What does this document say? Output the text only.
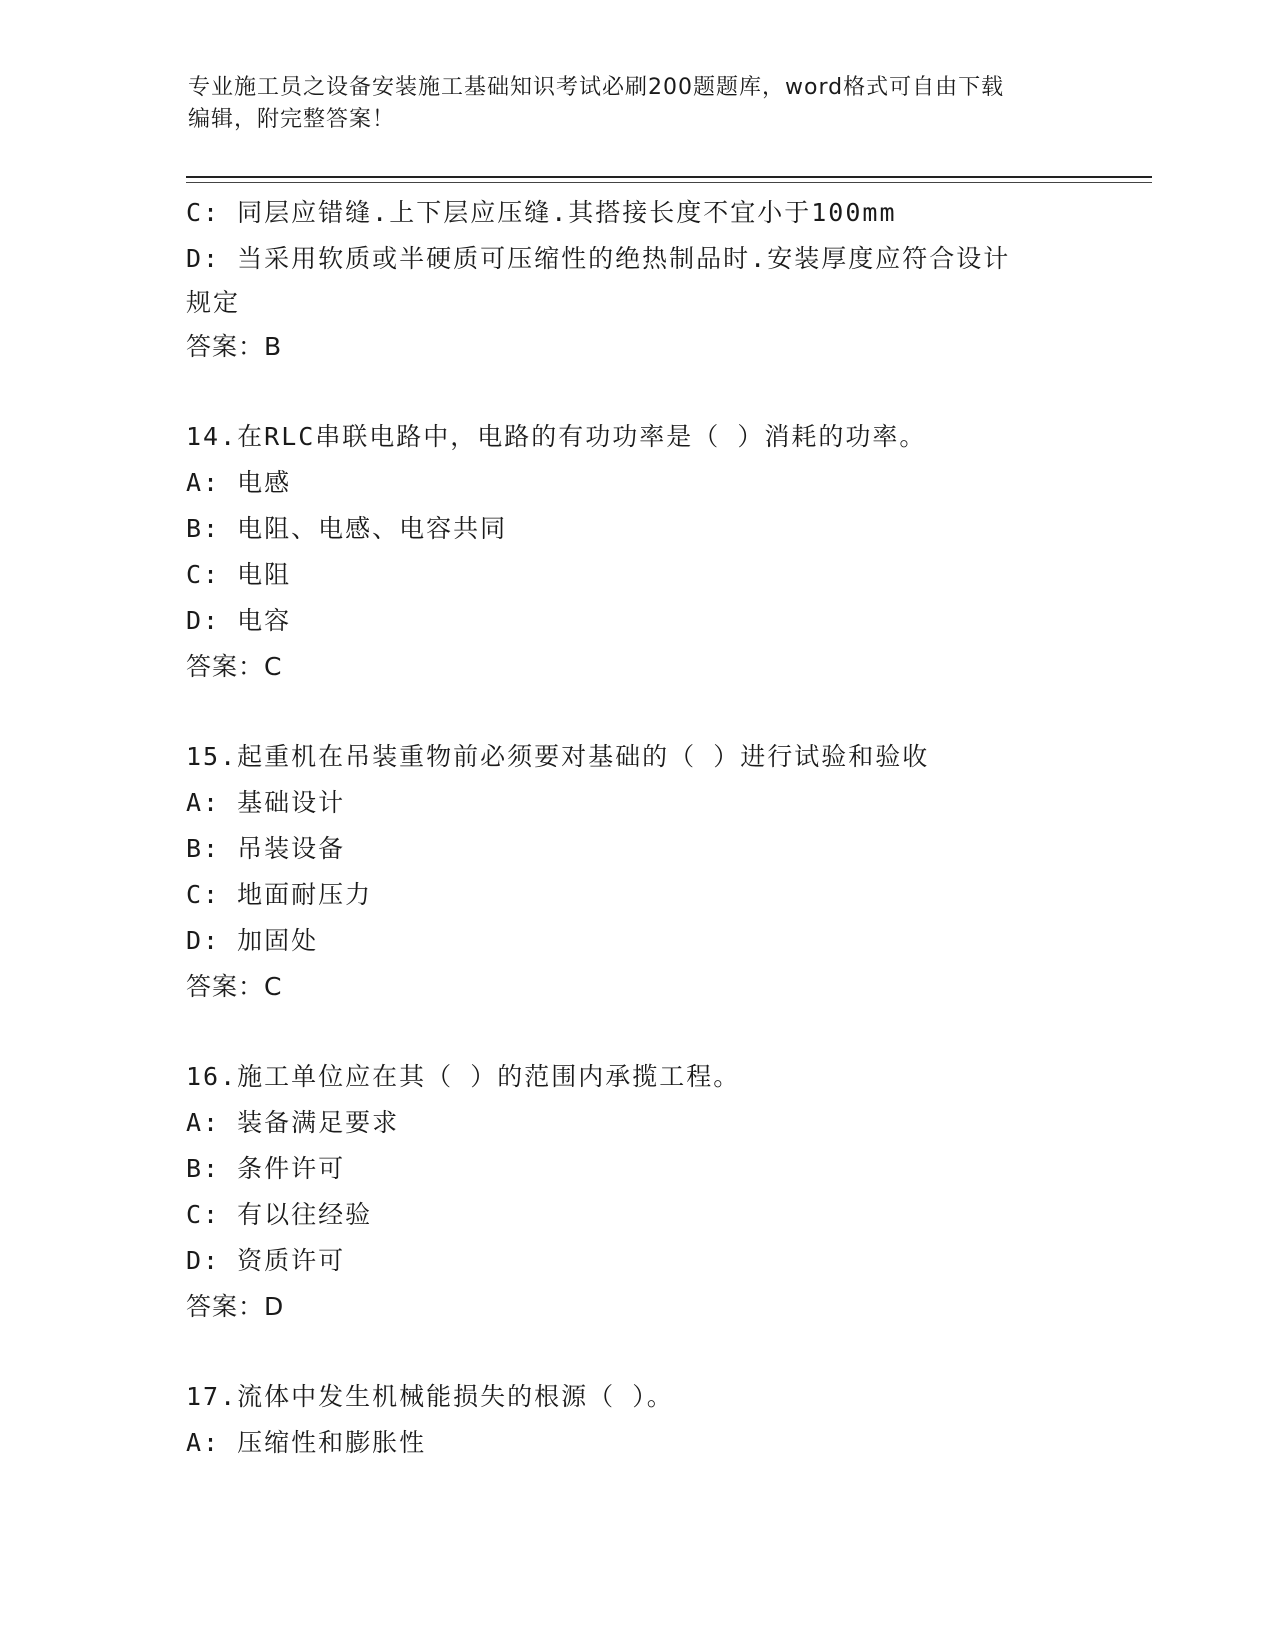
专业施工员之设备安装施工基础知识考试必刷200题题库，word格式可自由下载
编辑，附完整答案！
C: 同层应错缝.上下层应压缝.其搭接长度不宜小于100mm
D: 当采用软质或半硬质可压缩性的绝热制品时.安装厚度应符合设计
规定
答案：B
14.在RLC串联电路中，电路的有功功率是（ ）消耗的功率。
A: 电感
B: 电阻、电感、电容共同
C: 电阻
D: 电容
答案：C
15.起重机在吊装重物前必须要对基础的（ ）进行试验和验收
A: 基础设计
B: 吊装设备
C: 地面耐压力
D: 加固处
答案：C
16.施工单位应在其（ ）的范围内承揽工程。
A: 装备满足要求
B: 条件许可
C: 有以往经验
D: 资质许可
答案：D
17.流体中发生机械能损失的根源（ ）。
A: 压缩性和膨胀性
